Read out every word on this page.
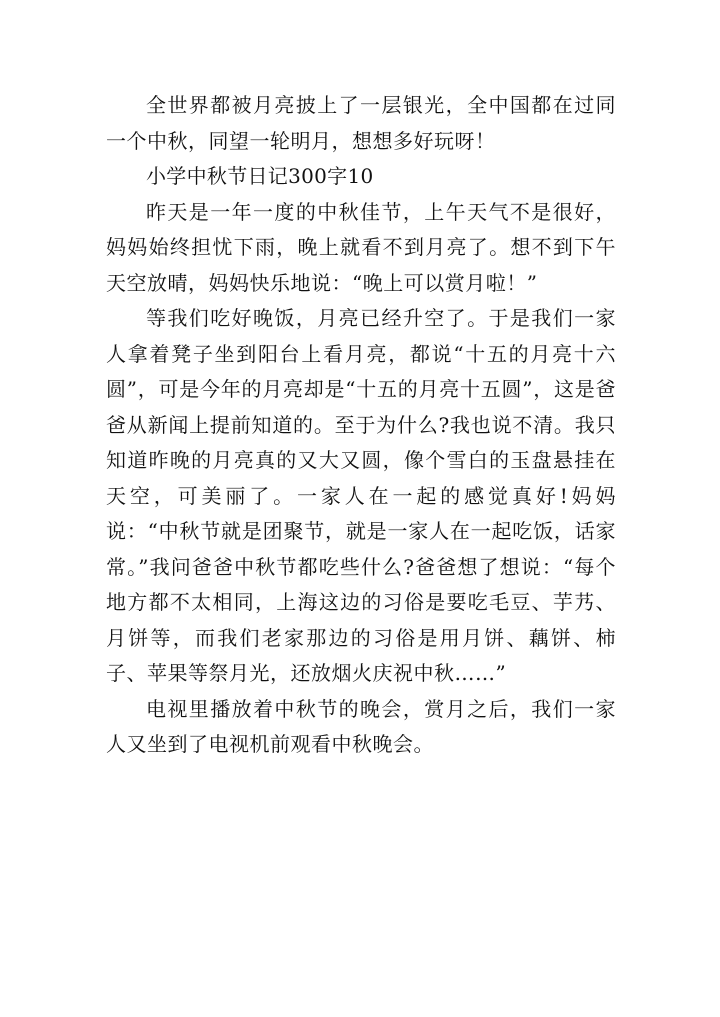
全世界都被月亮披上了一层银光，全中国都在过同一个中秋，同望一轮明月，想想多好玩呀！

小学中秋节日记300字10

昨天是一年一度的中秋佳节，上午天气不是很好，妈妈始终担忧下雨，晚上就看不到月亮了。想不到下午天空放晴，妈妈快乐地说：“晚上可以赏月啦！”

等我们吃好晚饭，月亮已经升空了。于是我们一家人拿着凳子坐到阳台上看月亮，都说“十五的月亮十六圆”，可是今年的月亮却是“十五的月亮十五圆”，这是爸爸从新闻上提前知道的。至于为什么?我也说不清。我只知道昨晚的月亮真的又大又圆，像个雪白的玉盘悬挂在天空，可美丽了。一家人在一起的感觉真好!妈妈说：“中秋节就是团聚节，就是一家人在一起吃饭，话家常。”我问爸爸中秋节都吃些什么?爸爸想了想说：“每个地方都不太相同，上海这边的习俗是要吃毛豆、芋艿、月饼等，而我们老家那边的习俗是用月饼、藕饼、柿子、苹果等祭月光，还放烟火庆祝中秋……”

电视里播放着中秋节的晚会，赏月之后，我们一家人又坐到了电视机前观看中秋晚会。
